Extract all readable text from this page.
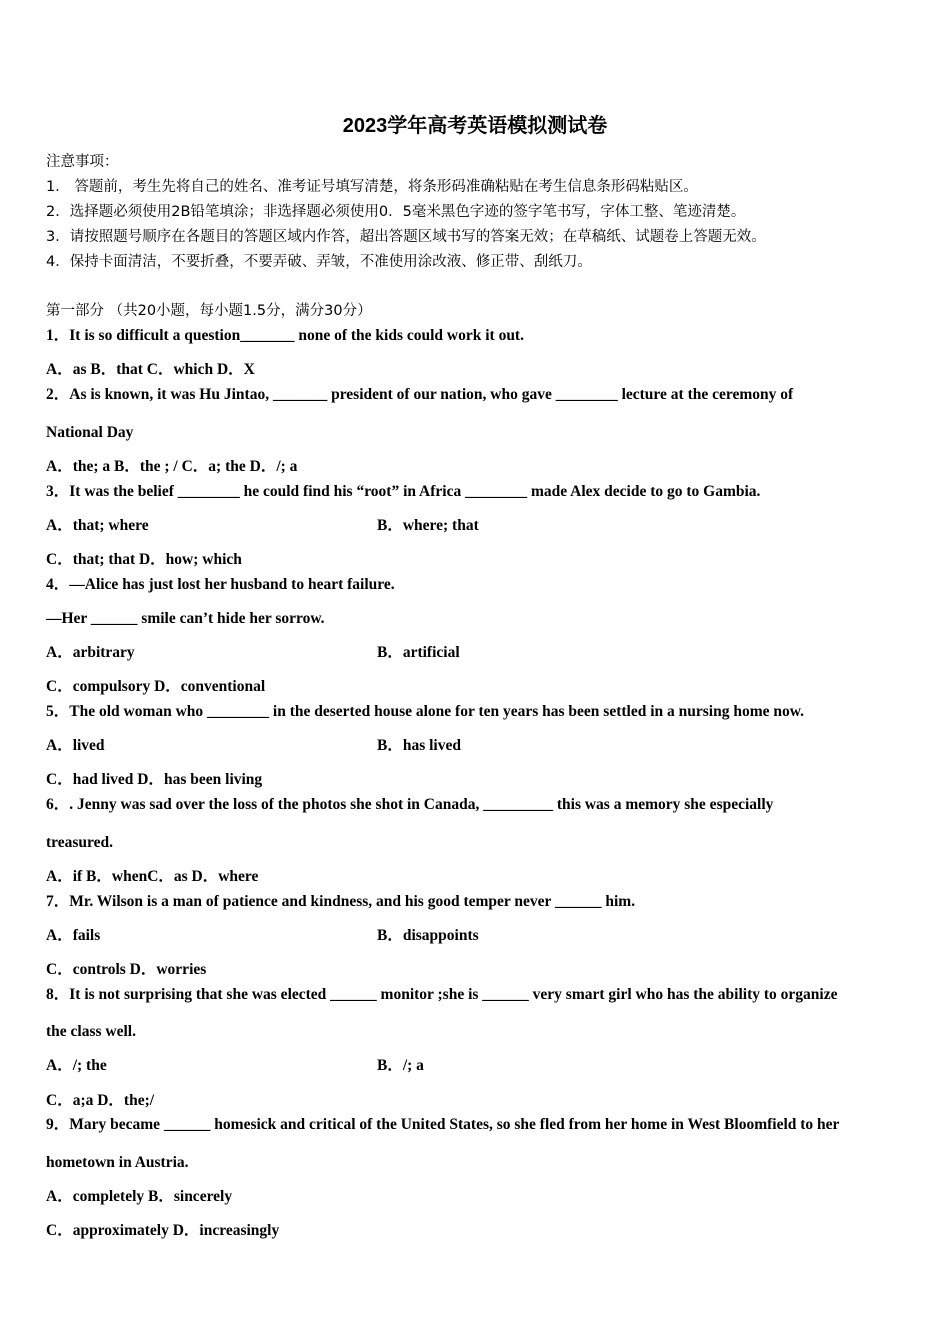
2023学年高考英语模拟测试卷
注意事项：
1． 答题前，考生先将自己的姓名、准考证号填写清楚，将条形码准确粘贴在考生信息条形码粘贴区。
2．选择题必须使用2B铅笔填涂；非选择题必须使用0．5毫米黑色字迹的签字笔书写，字体工整、笔迹清楚。
3．请按照题号顺序在各题目的答题区域内作答，超出答题区域书写的答案无效；在草稿纸、试题卷上答题无效。
4．保持卡面清洁，不要折叠，不要弄破、弄皱，不准使用涂改液、修正带、刮纸刀。
第一部分 （共20小题，每小题1.5分，满分30分）
1．It is so difficult a question_______ none of the kids could work it out.
A．as B．that C．which D．X
2．As is known, it was Hu Jintao, _______ president of our nation, who gave ________ lecture at the ceremony of
National Day
A．the; a B．the ; / C．a; the D．/; a
3．It was the belief ________ he could find his “root” in Africa ________ made Alex decide to go to Gambia.
A．that; where	B．where; that
C．that; that D．how; which
4．—Alice has just lost her husband to heart failure.
—Her ______ smile can’t hide her sorrow.
A．arbitrary	B．artificial
C．compulsory D．conventional
5．The old woman who ________ in the deserted house alone for ten years has been settled in a nursing home now.
A．lived	B．has lived
C．had lived D．has been living
6．. Jenny was sad over the loss of the photos she shot in Canada, _________ this was a memory she especially
treasured.
A．if B．whenC．as D．where
7．Mr. Wilson is a man of patience and kindness, and his good temper never ______ him.
A．fails	B．disappoints
C．controls D．worries
8．It is not surprising that she was elected ______ monitor ;she is ______ very smart girl who has the ability to organize
the class well.
A．/; the	B．/; a
C．a;a D．the;/
9．Mary became ______ homesick and critical of the United States, so she fled from her home in West Bloomfield to her
hometown in Austria.
A．completely B．sincerely
C．approximately D．increasingly
